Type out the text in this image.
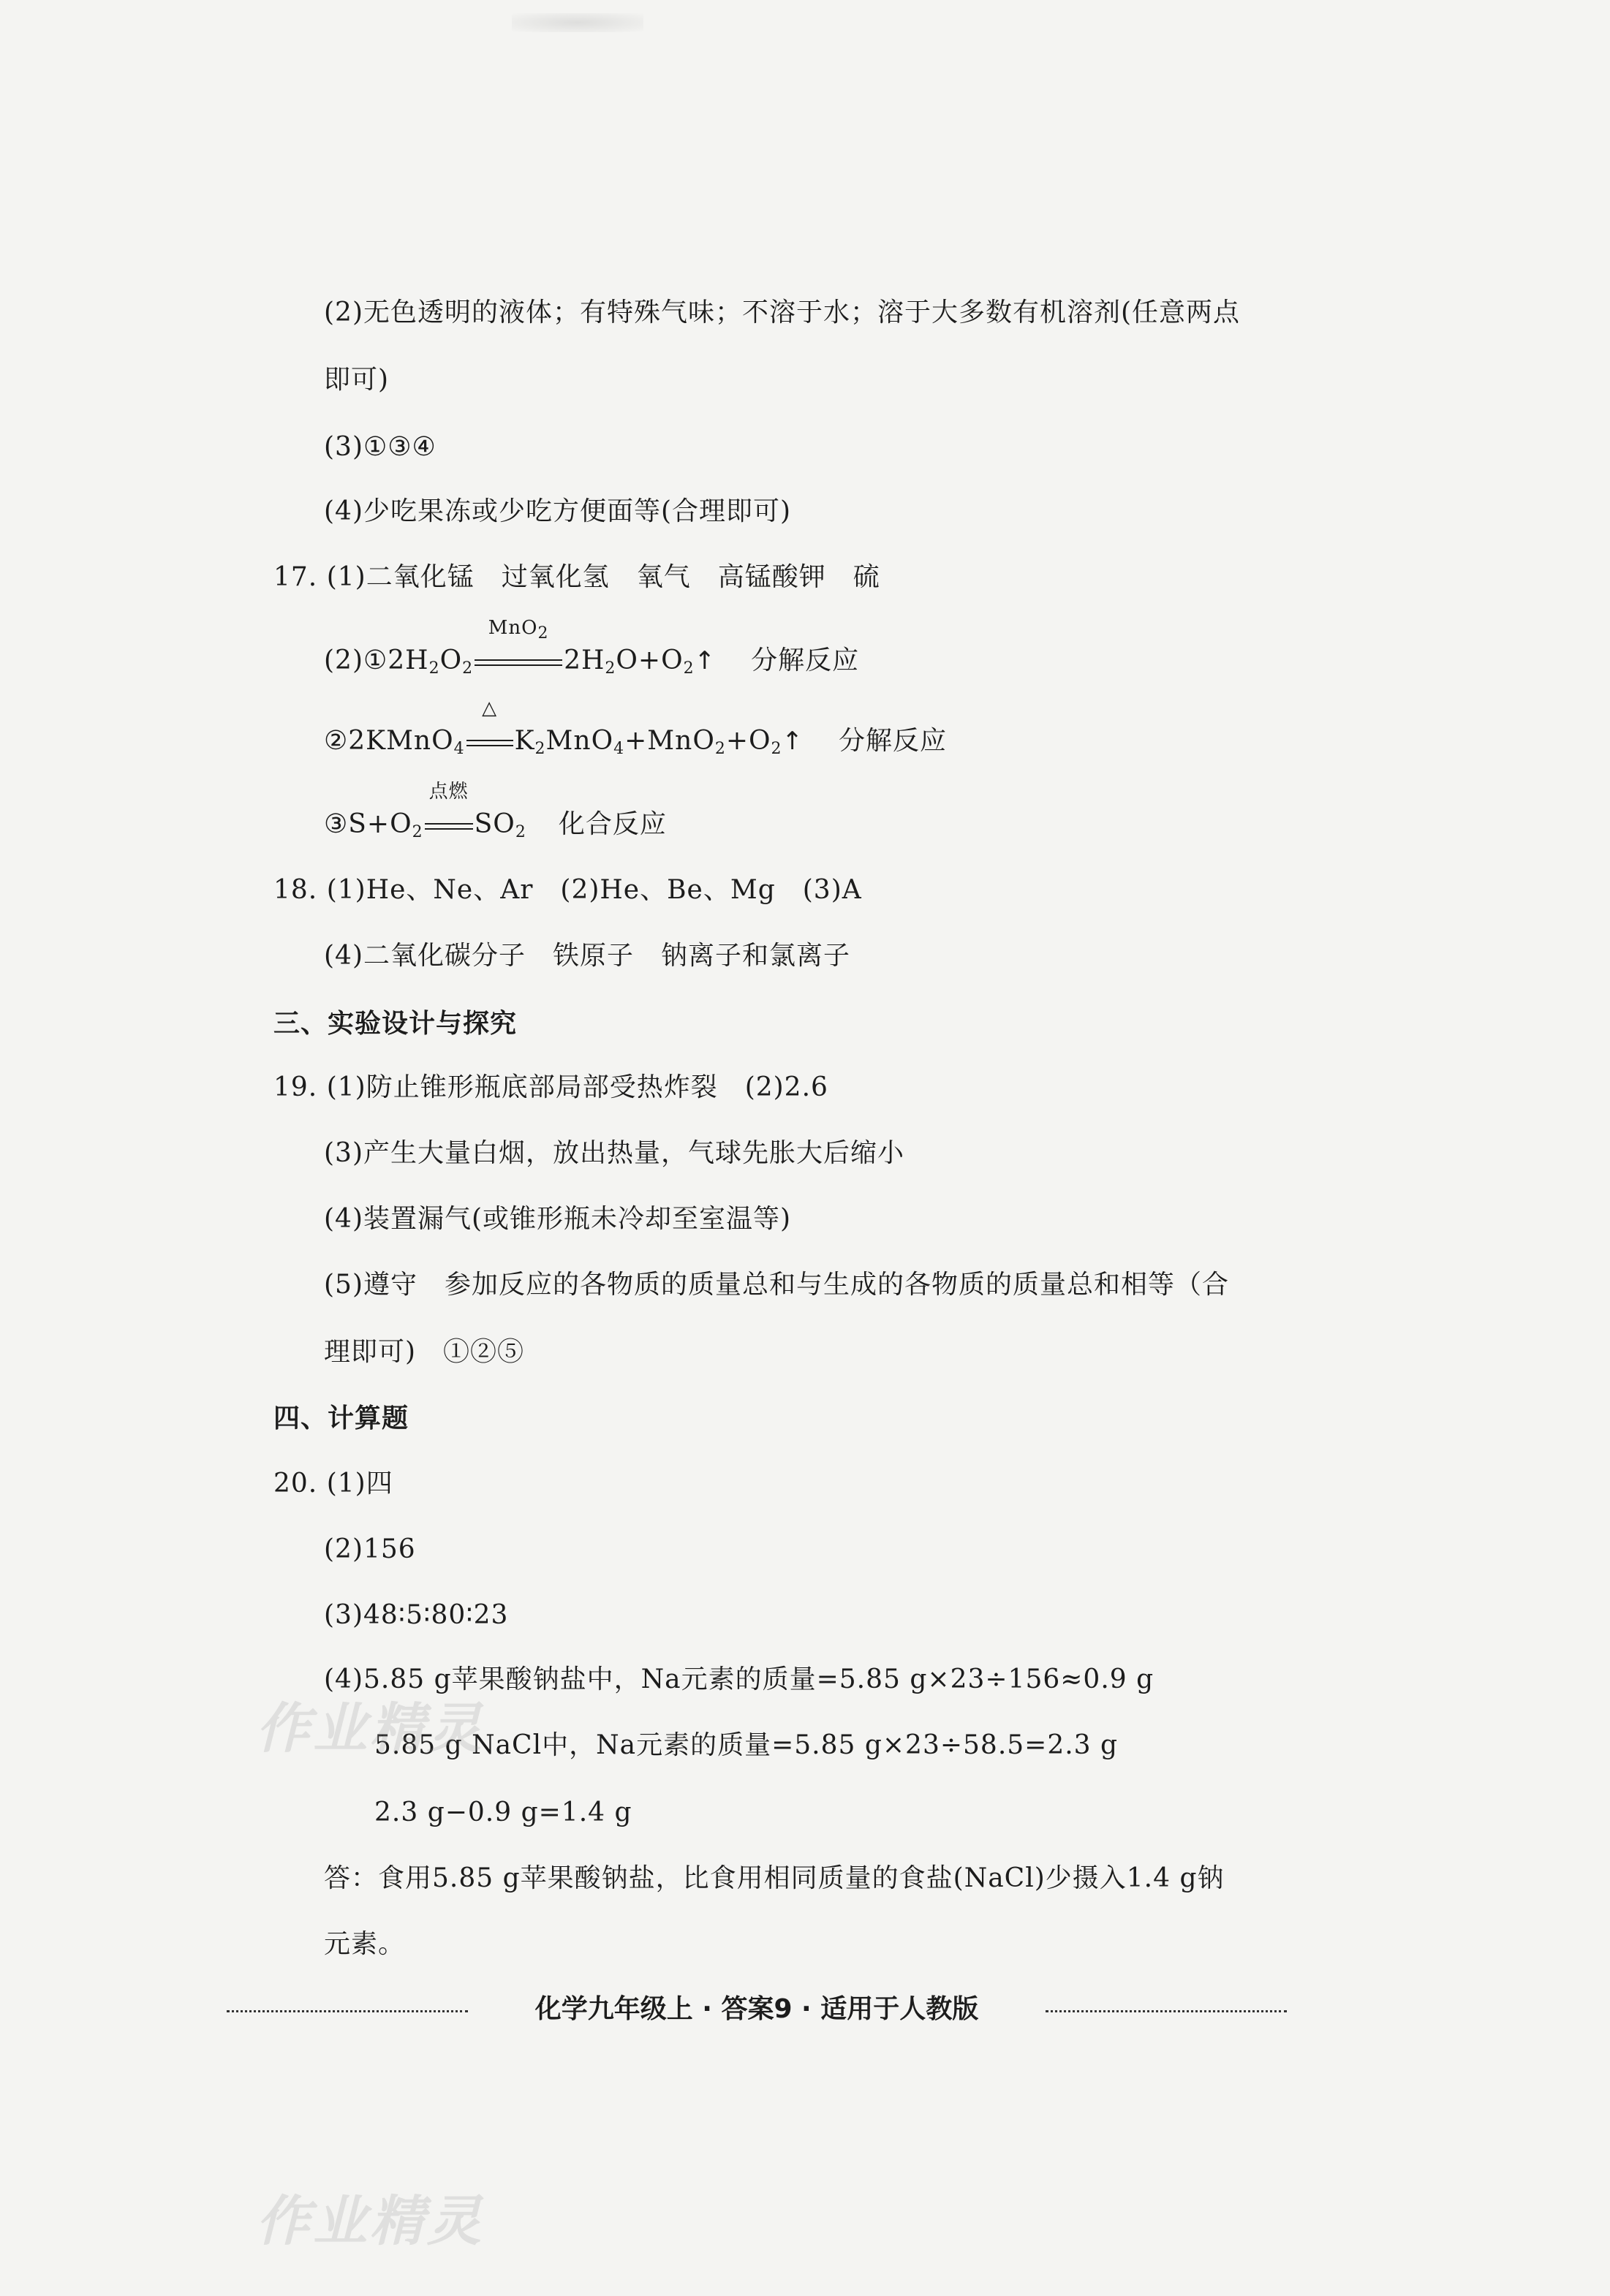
(2)无色透明的液体；有特殊气味；不溶于水；溶于大多数有机溶剂(任意两点
即可)
(3)①③④
(4)少吃果冻或少吃方便面等(合理即可)
17. (1)二氧化锰　过氧化氢　氧气　高锰酸钾　硫
$(2)①2H_2O_2$
MnO$_2$
$2H_2O+O_2↑$ 分解反应
②2KMnO$_4$
△
$K_2MnO_4+MnO_2+O_2↑$ 分解反应
$③S+O_2$
点燃
$SO_2$ 化合反应
18. (1)He、Ne、Ar　(2)He、Be、Mg　(3)A
(4)二氧化碳分子　铁原子　钠离子和氯离子
三、实验设计与探究
19. (1)防止锥形瓶底部局部受热炸裂　(2)2.6
(3)产生大量白烟，放出热量，气球先胀大后缩小
(4)装置漏气(或锥形瓶未冷却至室温等)
(5)遵守　参加反应的各物质的质量总和与生成的各物质的质量总和相等（合
理即可)　①②⑤
四、计算题
20. (1)四
(2)156
(3)48∶5∶80∶23
(4)5.85 g苹果酸钠盐中，Na元素的质量=5.85 g×23÷156≈0.9 g
5.85 g NaCl中，Na元素的质量=5.85 g×23÷58.5=2.3 g
2.3 g−0.9 g=1.4 g
答：食用5.85 g苹果酸钠盐，比食用相同质量的食盐(NaCl)少摄入1.4 g钠
元素。
化学九年级上 · 答案9 · 适用于人教版
作业精灵
作业精灵
